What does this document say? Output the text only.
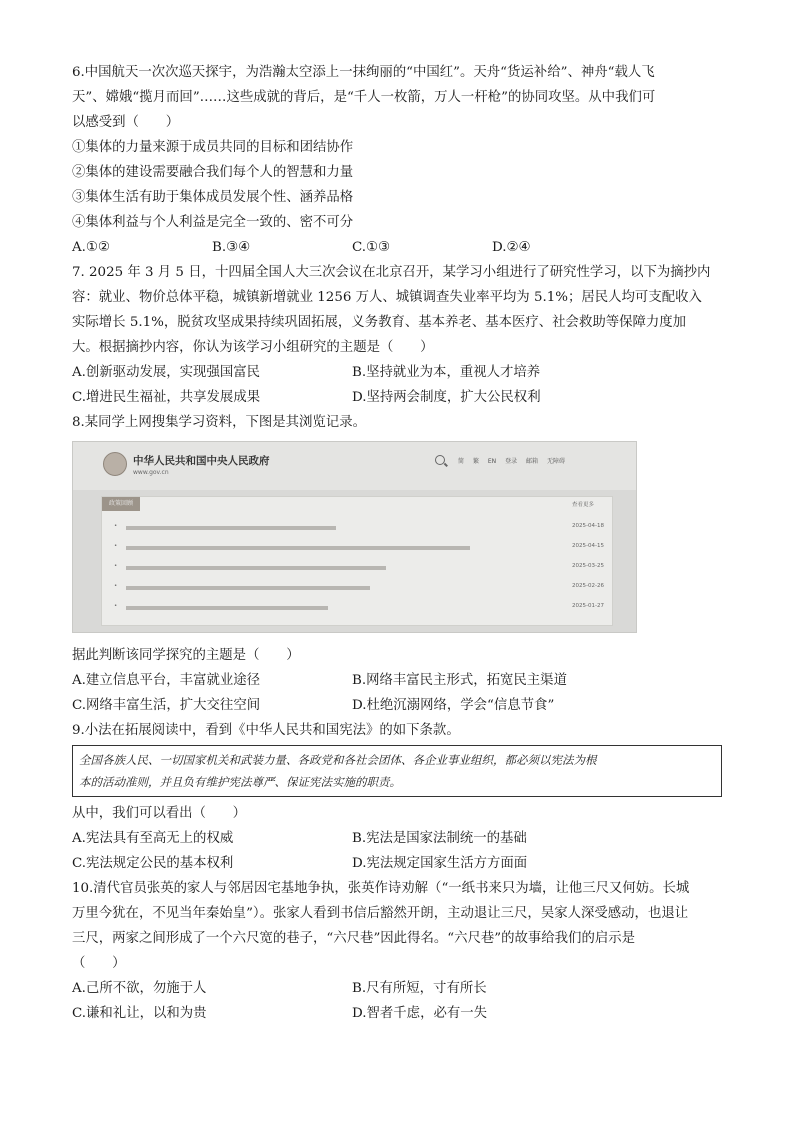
6.中国航天一次次巡天探宇，为浩瀚太空添上一抹绚丽的“中国红”。天舟“货运补给”、神舟“载人飞
天”、嫦娥“揽月而回”……这些成就的背后，是“千人一枚箭，万人一杆枪”的协同攻坚。从中我们可
以感受到（　　）
①集体的力量来源于成员共同的目标和团结协作
②集体的建设需要融合我们每个人的智慧和力量
③集体生活有助于集体成员发展个性、涵养品格
④集体利益与个人利益是完全一致的、密不可分
A.①②	B.③④	C.①③	D.②④
7. 2025 年 3 月 5 日，十四届全国人大三次会议在北京召开，某学习小组进行了研究性学习，以下为摘抄内
容：就业、物价总体平稳，城镇新增就业 1256 万人、城镇调查失业率平均为 5.1%；居民人均可支配收入
实际增长 5.1%，脱贫攻坚成果持续巩固拓展，义务教育、基本养老、基本医疗、社会救助等保障力度加
大。根据摘抄内容，你认为该学习小组研究的主题是（　　）
A.创新驱动发展，实现强国富民	B.坚持就业为本，重视人才培养
C.增进民生福祉，共享发展成果	D.坚持两会制度，扩大公民权利
8.某同学上网搜集学习资料，下图是其浏览记录。
中华人民共和国中央人民政府
www.gov.cn
简 繁 EN 登录 邮箱 无障碍
政策回顾	查看更多
•	2025-04-18
•	2025-04-15
•	2025-03-25
•	2025-02-26
•	2025-01-27
据此判断该同学探究的主题是（　　）
A.建立信息平台，丰富就业途径	B.网络丰富民主形式，拓宽民主渠道
C.网络丰富生活，扩大交往空间	D.杜绝沉溺网络，学会“信息节食”
9.小法在拓展阅读中，看到《中华人民共和国宪法》的如下条款。
全国各族人民、一切国家机关和武装力量、各政党和各社会团体、各企业事业组织，都必须以宪法为根
本的活动准则，并且负有维护宪法尊严、保证宪法实施的职责。
从中，我们可以看出（　　）
A.宪法具有至高无上的权威	B.宪法是国家法制统一的基础
C.宪法规定公民的基本权利	D.宪法规定国家生活方方面面
10.清代官员张英的家人与邻居因宅基地争执，张英作诗劝解（“一纸书来只为墙，让他三尺又何妨。长城
万里今犹在，不见当年秦始皇”）。张家人看到书信后豁然开朗，主动退让三尺，吴家人深受感动，也退让
三尺，两家之间形成了一个六尺宽的巷子，“六尺巷”因此得名。“六尺巷”的故事给我们的启示是
（　　）
A.己所不欲，勿施于人	B.尺有所短，寸有所长
C.谦和礼让，以和为贵	D.智者千虑，必有一失
